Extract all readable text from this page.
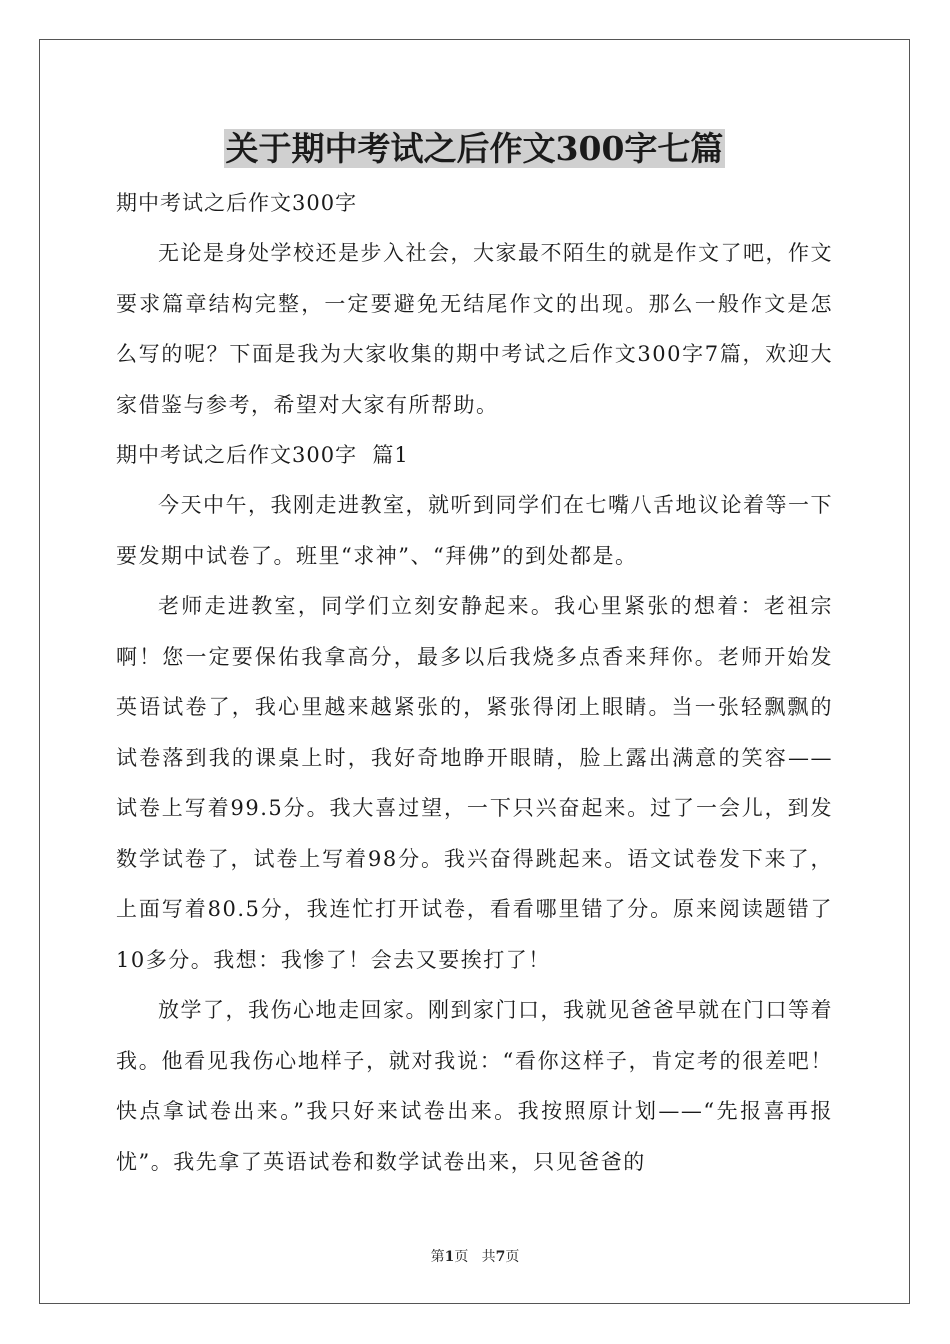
关于期中考试之后作文300字七篇

期中考试之后作文300字

无论是身处学校还是步入社会，大家最不陌生的就是作文了吧，作文要求篇章结构完整，一定要避免无结尾作文的出现。那么一般作文是怎么写的呢？下面是我为大家收集的期中考试之后作文300字7篇，欢迎大家借鉴与参考，希望对大家有所帮助。

期中考试之后作文300字  篇1

今天中午，我刚走进教室，就听到同学们在七嘴八舌地议论着等一下要发期中试卷了。班里“求神”、“拜佛”的到处都是。

老师走进教室，同学们立刻安静起来。我心里紧张的想着：老祖宗啊！您一定要保佑我拿高分，最多以后我烧多点香来拜你。老师开始发英语试卷了，我心里越来越紧张的，紧张得闭上眼睛。当一张轻飘飘的试卷落到我的课桌上时，我好奇地睁开眼睛，脸上露出满意的笑容——试卷上写着99.5分。我大喜过望，一下只兴奋起来。过了一会儿，到发数学试卷了，试卷上写着98分。我兴奋得跳起来。语文试卷发下来了，上面写着80.5分，我连忙打开试卷，看看哪里错了分。原来阅读题错了10多分。我想：我惨了！会去又要挨打了！

放学了，我伤心地走回家。刚到家门口，我就见爸爸早就在门口等着我。他看见我伤心地样子，就对我说：“看你这样子，肯定考的很差吧！快点拿试卷出来。”我只好来试卷出来。我按照原计划——“先报喜再报忧”。我先拿了英语试卷和数学试卷出来，只见爸爸的

第1页 共7页
